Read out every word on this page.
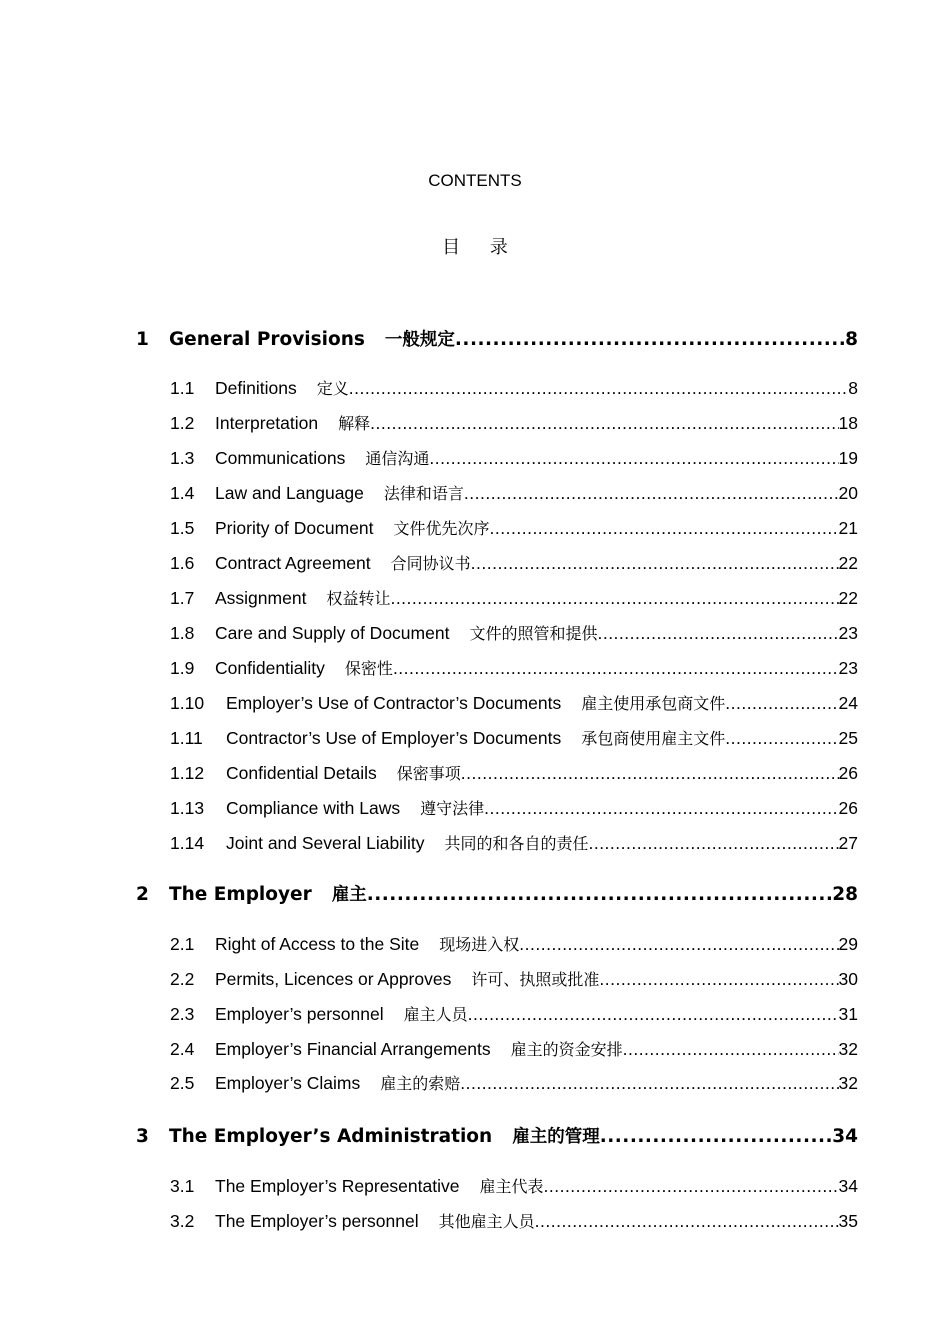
CONTENTS
目 录
1	General Provisions 一般规定 .....	8
1.1	Definitions 定义 .....	8
1.2	Interpretation 解释 .....	18
1.3	Communications 通信沟通 .....	19
1.4	Law and Language 法律和语言 .....	20
1.5	Priority of Document 文件优先次序 .....	21
1.6	Contract Agreement 合同协议书 .....	22
1.7	Assignment 权益转让 .....	22
1.8	Care and Supply of Document 文件的照管和提供 .....	23
1.9	Confidentiality 保密性 .....	23
1.10	Employer’s Use of Contractor’s Documents 雇主使用承包商文件 .....	24
1.11	Contractor’s Use of Employer’s Documents 承包商使用雇主文件 .....	25
1.12	Confidential Details 保密事项 .....	26
1.13	Compliance with Laws 遵守法律 .....	26
1.14	Joint and Several Liability 共同的和各自的责任 .....	27
2	The Employer 雇主 .....	28
2.1	Right of Access to the Site 现场进入权 .....	29
2.2	Permits, Licences or Approves 许可、执照或批准 .....	30
2.3	Employer’s personnel 雇主人员 .....	31
2.4	Employer’s Financial Arrangements 雇主的资金安排 .....	32
2.5	Employer’s Claims 雇主的索赔 .....	32
3	The Employer’s Administration 雇主的管理 .....	34
3.1	The Employer’s Representative 雇主代表 .....	34
3.2	The Employer’s personnel 其他雇主人员 .....	35
